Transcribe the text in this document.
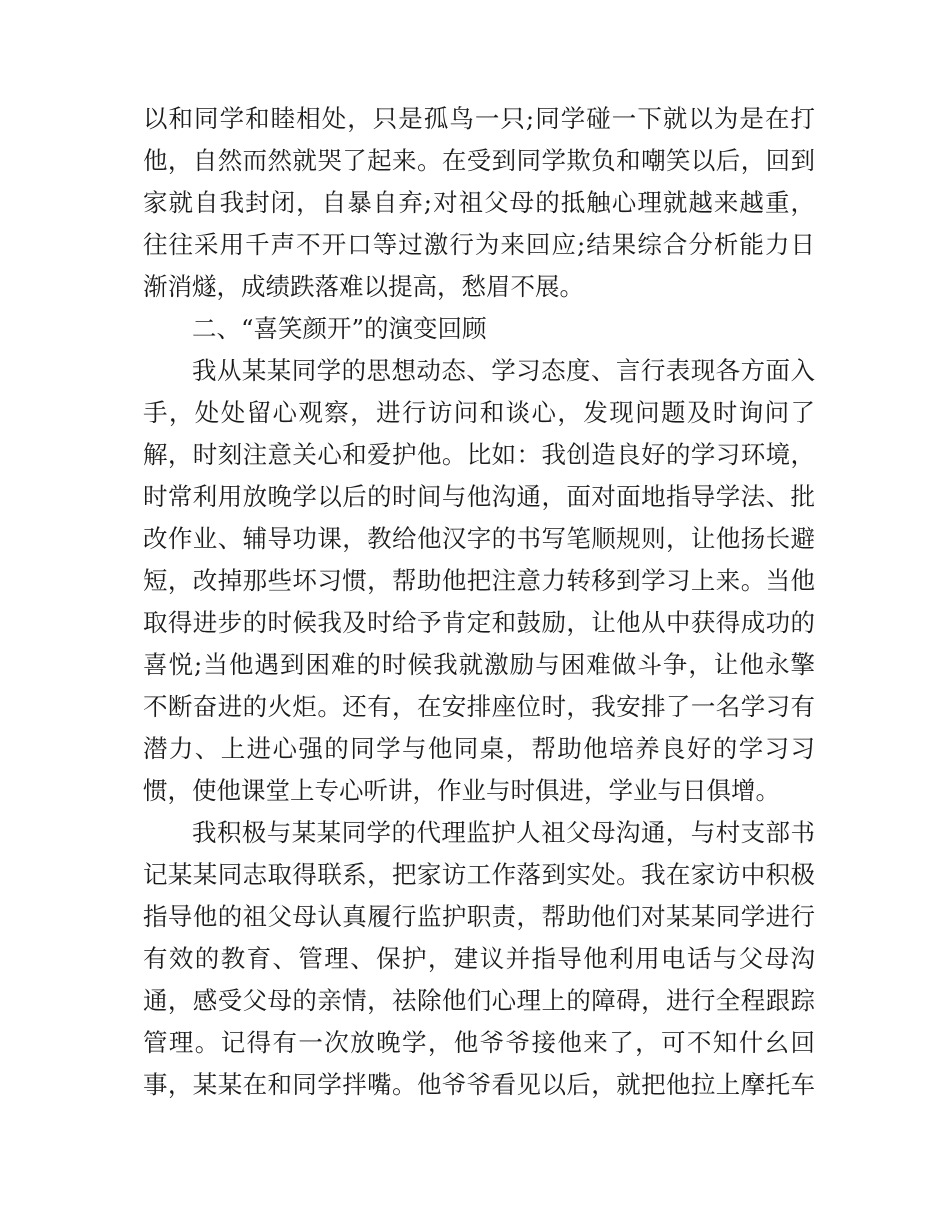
以和同学和睦相处，只是孤鸟一只;同学碰一下就以为是在打
他，自然而然就哭了起来。在受到同学欺负和嘲笑以后，回到
家就自我封闭，自暴自弃;对祖父母的抵触心理就越来越重，
往往采用千声不开口等过激行为来回应;结果综合分析能力日
渐消燧，成绩跌落难以提高，愁眉不展。
二、“喜笑颜开”的演变回顾
我从某某同学的思想动态、学习态度、言行表现各方面入
手，处处留心观察，进行访问和谈心，发现问题及时询问了
解，时刻注意关心和爱护他。比如：我创造良好的学习环境，
时常利用放晚学以后的时间与他沟通，面对面地指导学法、批
改作业、辅导功课，教给他汉字的书写笔顺规则，让他扬长避
短，改掉那些坏习惯，帮助他把注意力转移到学习上来。当他
取得进步的时候我及时给予肯定和鼓励，让他从中获得成功的
喜悦;当他遇到困难的时候我就激励与困难做斗争，让他永擎
不断奋进的火炬。还有，在安排座位时，我安排了一名学习有
潜力、上进心强的同学与他同桌，帮助他培养良好的学习习
惯，使他课堂上专心听讲，作业与时俱进，学业与日俱增。
我积极与某某同学的代理监护人祖父母沟通，与村支部书
记某某同志取得联系，把家访工作落到实处。我在家访中积极
指导他的祖父母认真履行监护职责，帮助他们对某某同学进行
有效的教育、管理、保护，建议并指导他利用电话与父母沟
通，感受父母的亲情，祛除他们心理上的障碍，进行全程跟踪
管理。记得有一次放晚学，他爷爷接他来了，可不知什幺回
事，某某在和同学拌嘴。他爷爷看见以后，就把他拉上摩托车
